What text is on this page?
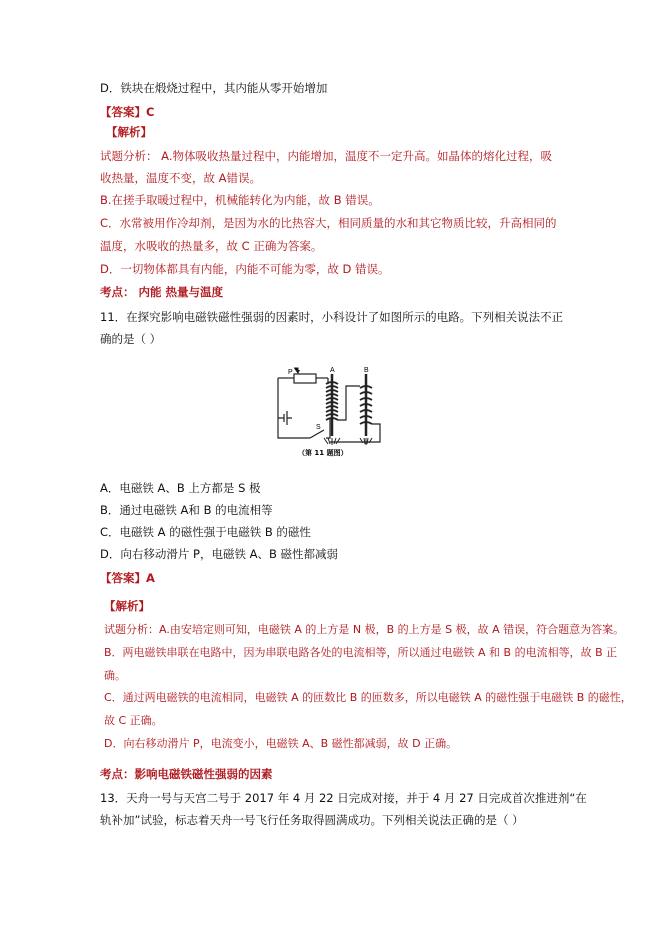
D．铁块在煅烧过程中，其内能从零开始增加
【答案】C
【解析】
试题分析： A.物体吸收热量过程中，内能增加，温度不一定升高。如晶体的熔化过程，吸
收热量，温度不变，故 A错误。
B.在搓手取暖过程中，机械能转化为内能，故 B 错误。
C．水常被用作冷却剂，是因为水的比热容大，相同质量的水和其它物质比较，升高相同的
温度，水吸收的热量多，故 C 正确为答案。
D．一切物体都具有内能，内能不可能为零，故 D 错误。
考点： 内能 热量与温度
11．在探究影响电磁铁磁性强弱的因素时，小科设计了如图所示的电路。下列相关说法不正
确的是（ ）
P	A	B
S
（第 11 题图）
A．电磁铁 A、B 上方都是 S 极
B．通过电磁铁 A和 B 的电流相等
C．电磁铁 A 的磁性强于电磁铁 B 的磁性
D．向右移动滑片 P，电磁铁 A、B 磁性都减弱
【答案】A
【解析】
试题分析：A.由安培定则可知，电磁铁 A 的上方是 N 极，B 的上方是 S 极，故 A 错误，符合题意为答案。
B．两电磁铁串联在电路中，因为串联电路各处的电流相等，所以通过电磁铁 A 和 B 的电流相等，故 B 正
确。
C．通过两电磁铁的电流相同，电磁铁 A 的匝数比 B 的匝数多，所以电磁铁 A 的磁性强于电磁铁 B 的磁性，
故 C 正确。
D．向右移动滑片 P，电流变小，电磁铁 A、B 磁性都减弱，故 D 正确。
考点：影响电磁铁磁性强弱的因素
13．天舟一号与天宫二号于 2017 年 4 月 22 日完成对接，并于 4 月 27 日完成首次推进剂“在
轨补加”试验，标志着天舟一号飞行任务取得圆满成功。下列相关说法正确的是（ ）
